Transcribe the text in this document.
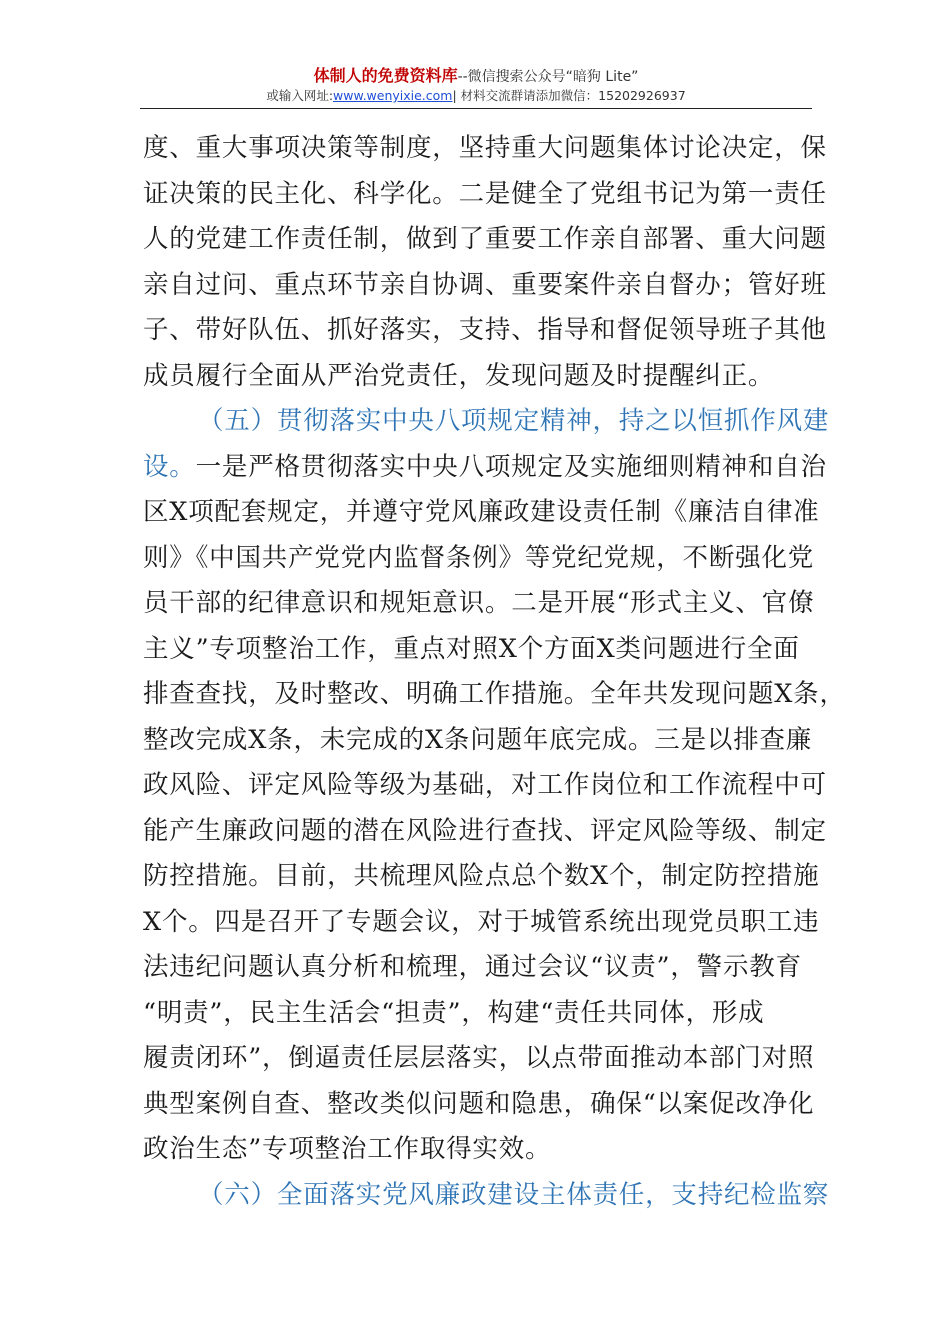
体制人的免费资料库--微信搜索公众号“暗狗 Lite”
或输入网址:www.wenyixie.com| 材料交流群请添加微信：15202926937
度、重大事项决策等制度，坚持重大问题集体讨论决定，保
证决策的民主化、科学化。二是健全了党组书记为第一责任
人的党建工作责任制，做到了重要工作亲自部署、重大问题
亲自过问、重点环节亲自协调、重要案件亲自督办；管好班
子、带好队伍、抓好落实，支持、指导和督促领导班子其他
成员履行全面从严治党责任，发现问题及时提醒纠正。
（五）贯彻落实中央八项规定精神，持之以恒抓作风建
设。一是严格贯彻落实中央八项规定及实施细则精神和自治
区X项配套规定，并遵守党风廉政建设责任制《廉洁自律准
则》《中国共产党党内监督条例》等党纪党规，不断强化党
员干部的纪律意识和规矩意识。二是开展“形式主义、官僚
主义”专项整治工作，重点对照X个方面X类问题进行全面
排查查找，及时整改、明确工作措施。全年共发现问题X条，
整改完成X条，未完成的X条问题年底完成。三是以排查廉
政风险、评定风险等级为基础，对工作岗位和工作流程中可
能产生廉政问题的潜在风险进行查找、评定风险等级、制定
防控措施。目前，共梳理风险点总个数X个，制定防控措施
X个。四是召开了专题会议，对于城管系统出现党员职工违
法违纪问题认真分析和梳理，通过会议“议责”，警示教育
“明责”，民主生活会“担责”，构建“责任共同体，形成
履责闭环”，倒逼责任层层落实，以点带面推动本部门对照
典型案例自查、整改类似问题和隐患，确保“以案促改净化
政治生态”专项整治工作取得实效。
（六）全面落实党风廉政建设主体责任，支持纪检监察
